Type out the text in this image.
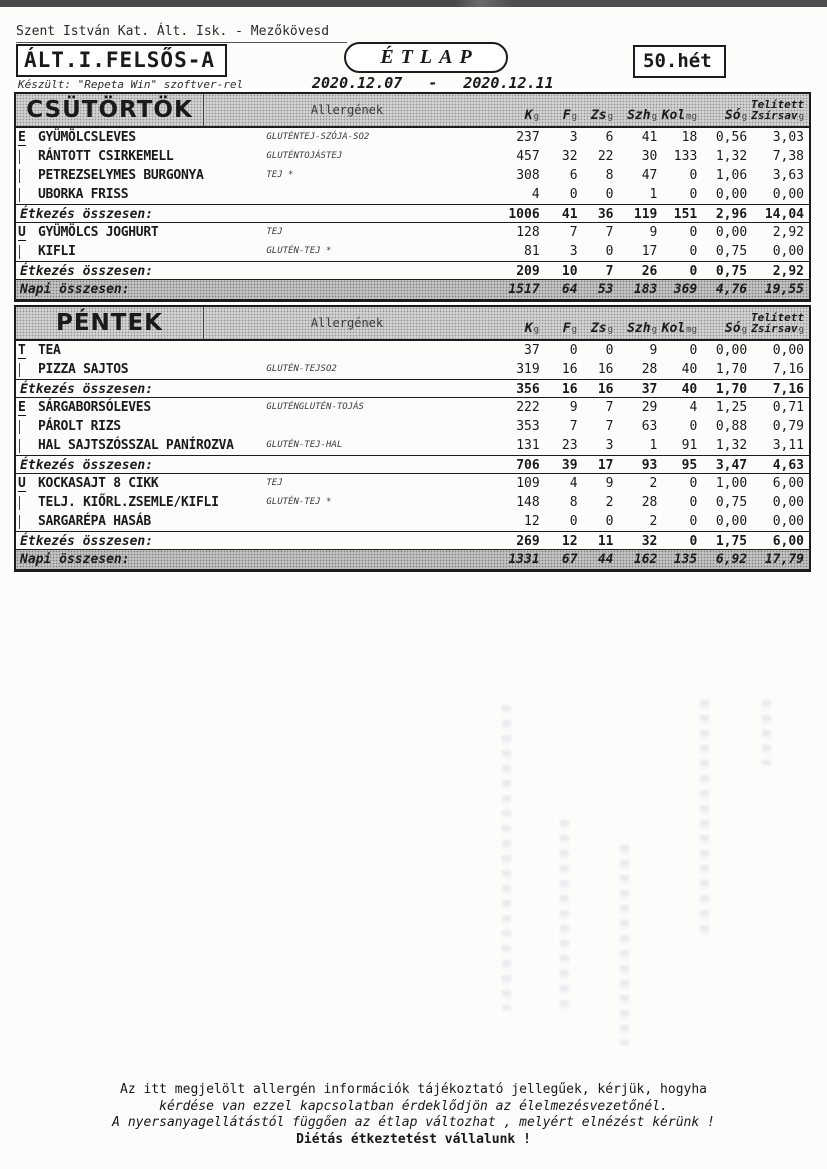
Szent István Kat. Ált. Isk. - Mezőkövesd
ÁLT.I.FELSŐS-A	ÉTLAP	50.hét
Készült: "Repeta Win" szoftver-rel	2020.12.07 - 2020.12.11
CSÜTÖRTÖK	Allergének	Kg	Fg	Zsg	Szhg Kolmg	Sóg
Telített
Zsírsavg
E GYÜMÖLCSLEVES	GLUTÉNTEJ-SZÓJA-SO2	237	3	6	41	18	0,56	3,03
RÁNTOTT CSIRKEMELL	GLUTÉNTOJÁSTEJ	457	32	22	30	133	1,32	7,38
PETREZSELYMES BURGONYA	TEJ *	308	6	8	47	0	1,06	3,63
UBORKA FRISS	4	0	0	1	0	0,00	0,00
Étkezés összesen:	1006	41	36	119	151	2,96	14,04
U GYÜMÖLCS JOGHURT	TEJ	128	7	7	9	0	0,00	2,92
KIFLI	GLUTÉN-TEJ *	81	3	0	17	0	0,75	0,00
Étkezés összesen:	209	10	7	26	0	0,75	2,92
Napi összesen:	1517	64	53	183	369	4,76	19,55
PÉNTEK	Allergének	Kg	Fg	Zsg	Szhg Kolmg	Sóg
Telített
Zsírsavg
T TEA	37	0	0	9	0	0,00	0,00
PIZZA SAJTOS	GLUTÉN-TEJSO2	319	16	16	28	40	1,70	7,16
Étkezés összesen:	356	16	16	37	40	1,70	7,16
E SÁRGABORSÓLEVES	GLUTÉNGLUTÉN-TOJÁS	222	9	7	29	4	1,25	0,71
PÁROLT RIZS	353	7	7	63	0	0,88	0,79
HAL SAJTSZÓSSZAL PANÍROZVA	GLUTÉN-TEJ-HAL	131	23	3	1	91	1,32	3,11
Étkezés összesen:	706	39	17	93	95	3,47	4,63
U KOCKASAJT 8 CIKK	TEJ	109	4	9	2	0	1,00	6,00
TELJ. KIŐRL.ZSEMLE/KIFLI	GLUTÉN-TEJ *	148	8	2	28	0	0,75	0,00
SARGARÉPA HASÁB	12	0	0	2	0	0,00	0,00
Étkezés összesen:	269	12	11	32	0	1,75	6,00
Napi összesen:	1331	67	44	162	135	6,92	17,79
Az itt megjelölt allergén információk tájékoztató jellegűek, kérjük, hogyha
kérdése van ezzel kapcsolatban érdeklődjön az élelmezésvezetőnél.
A nyersanyagellátástól függően az étlap változhat , melyért elnézést kérünk !
Diétás étkeztetést vállalunk !
